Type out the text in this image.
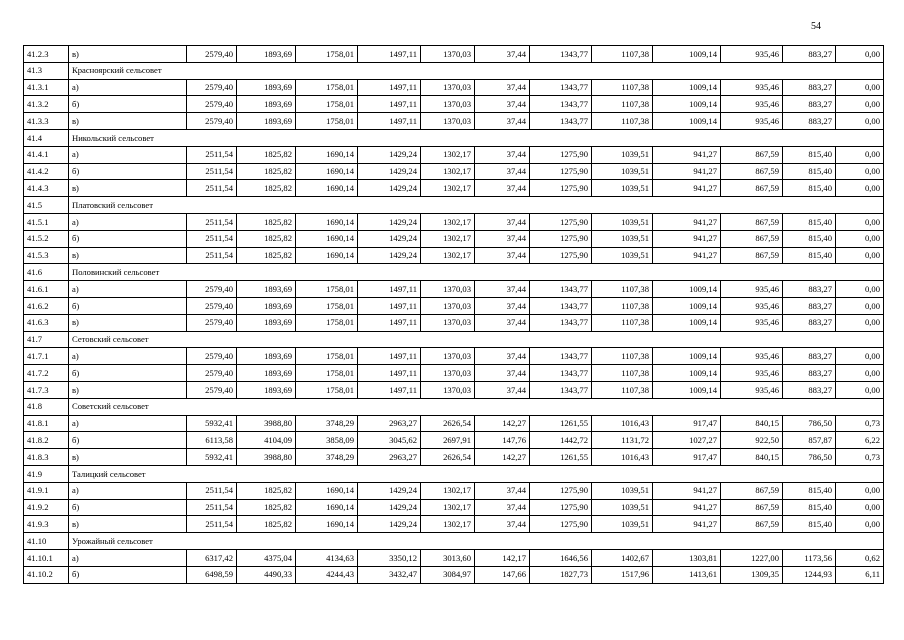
54
41.2.3	в)	2579,40	1893,69	1758,01	1497,11	1370,03	37,44	1343,77	1107,38	1009,14	935,46	883,27	0,00
41.3	Красноярский сельсовет												
41.3.1	а)	2579,40	1893,69	1758,01	1497,11	1370,03	37,44	1343,77	1107,38	1009,14	935,46	883,27	0,00
41.3.2	б)	2579,40	1893,69	1758,01	1497,11	1370,03	37,44	1343,77	1107,38	1009,14	935,46	883,27	0,00
41.3.3	в)	2579,40	1893,69	1758,01	1497,11	1370,03	37,44	1343,77	1107,38	1009,14	935,46	883,27	0,00
41.4	Никольский сельсовет												
41.4.1	а)	2511,54	1825,82	1690,14	1429,24	1302,17	37,44	1275,90	1039,51	941,27	867,59	815,40	0,00
41.4.2	б)	2511,54	1825,82	1690,14	1429,24	1302,17	37,44	1275,90	1039,51	941,27	867,59	815,40	0,00
41.4.3	в)	2511,54	1825,82	1690,14	1429,24	1302,17	37,44	1275,90	1039,51	941,27	867,59	815,40	0,00
41.5	Платовский сельсовет												
41.5.1	а)	2511,54	1825,82	1690,14	1429,24	1302,17	37,44	1275,90	1039,51	941,27	867,59	815,40	0,00
41.5.2	б)	2511,54	1825,82	1690,14	1429,24	1302,17	37,44	1275,90	1039,51	941,27	867,59	815,40	0,00
41.5.3	в)	2511,54	1825,82	1690,14	1429,24	1302,17	37,44	1275,90	1039,51	941,27	867,59	815,40	0,00
41.6	Половинский сельсовет												
41.6.1	а)	2579,40	1893,69	1758,01	1497,11	1370,03	37,44	1343,77	1107,38	1009,14	935,46	883,27	0,00
41.6.2	б)	2579,40	1893,69	1758,01	1497,11	1370,03	37,44	1343,77	1107,38	1009,14	935,46	883,27	0,00
41.6.3	в)	2579,40	1893,69	1758,01	1497,11	1370,03	37,44	1343,77	1107,38	1009,14	935,46	883,27	0,00
41.7	Сетовский сельсовет												
41.7.1	а)	2579,40	1893,69	1758,01	1497,11	1370,03	37,44	1343,77	1107,38	1009,14	935,46	883,27	0,00
41.7.2	б)	2579,40	1893,69	1758,01	1497,11	1370,03	37,44	1343,77	1107,38	1009,14	935,46	883,27	0,00
41.7.3	в)	2579,40	1893,69	1758,01	1497,11	1370,03	37,44	1343,77	1107,38	1009,14	935,46	883,27	0,00
41.8	Советский сельсовет												
41.8.1	а)	5932,41	3988,80	3748,29	2963,27	2626,54	142,27	1261,55	1016,43	917,47	840,15	786,50	0,73
41.8.2	б)	6113,58	4104,09	3858,09	3045,62	2697,91	147,76	1442,72	1131,72	1027,27	922,50	857,87	6,22
41.8.3	в)	5932,41	3988,80	3748,29	2963,27	2626,54	142,27	1261,55	1016,43	917,47	840,15	786,50	0,73
41.9	Талицкий сельсовет												
41.9.1	а)	2511,54	1825,82	1690,14	1429,24	1302,17	37,44	1275,90	1039,51	941,27	867,59	815,40	0,00
41.9.2	б)	2511,54	1825,82	1690,14	1429,24	1302,17	37,44	1275,90	1039,51	941,27	867,59	815,40	0,00
41.9.3	в)	2511,54	1825,82	1690,14	1429,24	1302,17	37,44	1275,90	1039,51	941,27	867,59	815,40	0,00
41.10	Урожайный сельсовет												
41.10.1	а)	6317,42	4375,04	4134,63	3350,12	3013,60	142,17	1646,56	1402,67	1303,81	1227,00	1173,56	0,62
41.10.2	б)	6498,59	4490,33	4244,43	3432,47	3084,97	147,66	1827,73	1517,96	1413,61	1309,35	1244,93	6,11
